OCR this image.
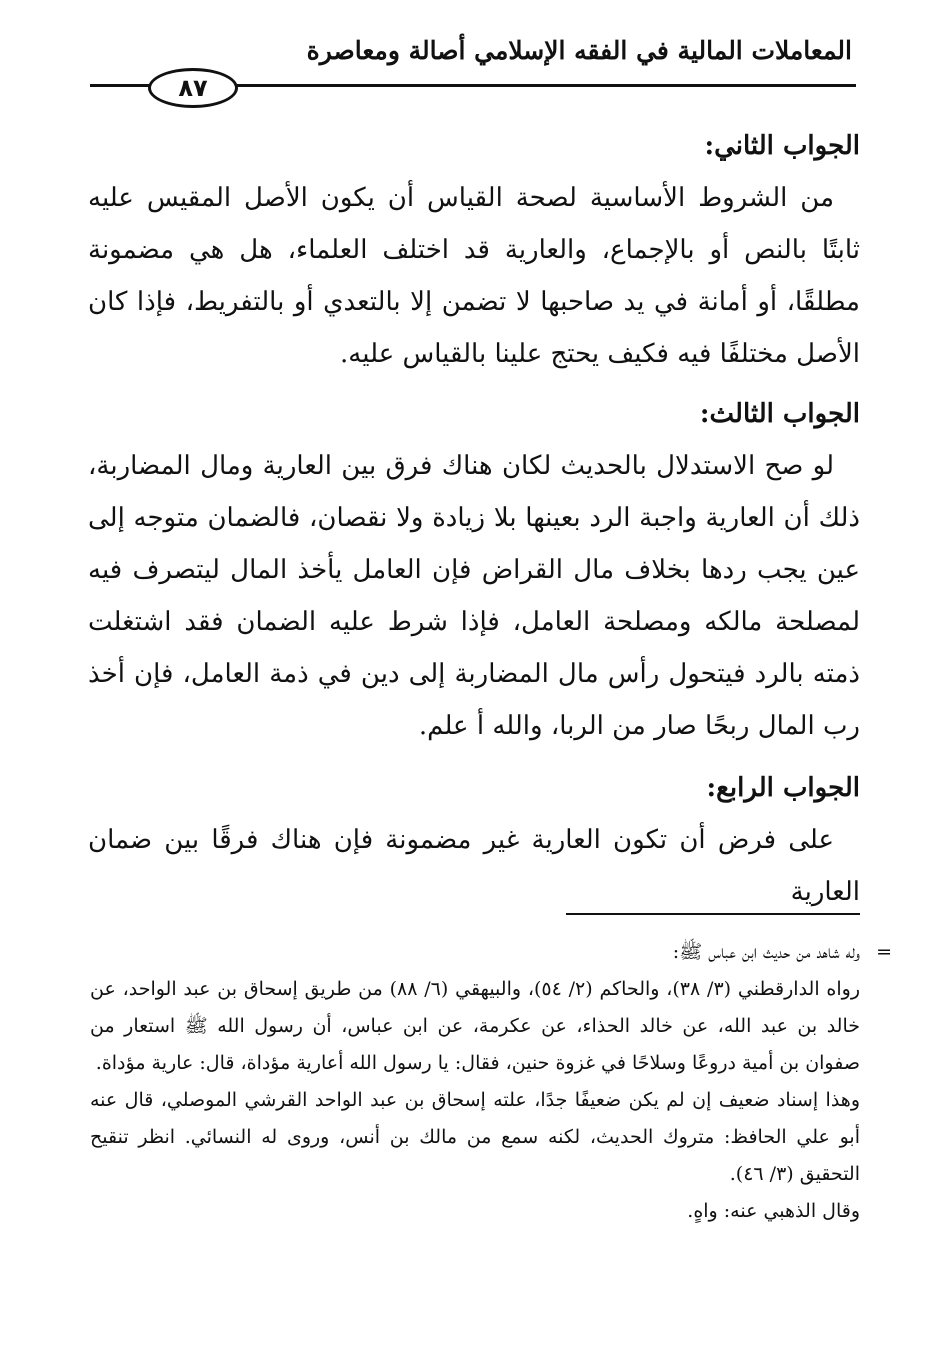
المعاملات المالية في الفقه الإسلامي أصالة ومعاصرة
٨٧
الجواب الثاني:

من الشروط الأساسية لصحة القياس أن يكون الأصل المقيس عليه ثابتًا بالنص أو بالإجماع، والعارية قد اختلف العلماء، هل هي مضمونة مطلقًا، أو أمانة في يد صاحبها لا تضمن إلا بالتعدي أو بالتفريط، فإذا كان الأصل مختلفًا فيه فكيف يحتج علينا بالقياس عليه.

الجواب الثالث:

لو صح الاستدلال بالحديث لكان هناك فرق بين العارية ومال المضاربة، ذلك أن العارية واجبة الرد بعينها بلا زيادة ولا نقصان، فالضمان متوجه إلى عين يجب ردها بخلاف مال القراض فإن العامل يأخذ المال ليتصرف فيه لمصلحة مالكه ومصلحة العامل، فإذا شرط عليه الضمان فقد اشتغلت ذمته بالرد فيتحول رأس مال المضاربة إلى دين في ذمة العامل، فإن أخذ رب المال ربحًا صار من الربا، والله أ علم.

الجواب الرابع:

على فرض أن تكون العارية غير مضمونة فإن هناك فرقًا بين ضمان العارية

=

وله شاهد من حديث ابن عباس ﷺ:

رواه الدارقطني (٣/ ٣٨)، والحاكم (٢/ ٥٤)، والبيهقي (٦/ ٨٨) من طريق إسحاق بن عبد الواحد، عن خالد بن عبد الله، عن خالد الحذاء، عن عكرمة، عن ابن عباس، أن رسول الله ﷺ استعار من صفوان بن أمية دروعًا وسلاحًا في غزوة حنين، فقال: يا رسول الله أعارية مؤداة، قال: عارية مؤداة.

وهذا إسناد ضعيف إن لم يكن ضعيفًا جدًا، علته إسحاق بن عبد الواحد القرشي الموصلي، قال عنه أبو علي الحافظ: متروك الحديث، لكنه سمع من مالك بن أنس، وروى له النسائي. انظر تنقيح التحقيق (٣/ ٤٦).

وقال الذهبي عنه: واهٍ.
